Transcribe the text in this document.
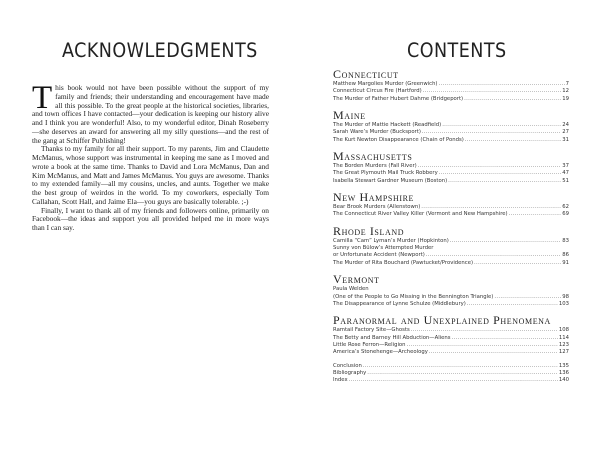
ACKNOWLEDGMENTS

This book would not have been possible without the support of my family and friends; their understanding and encouragement have made all this possible. To the great people at the historical societies, libraries, and town offices I have contacted—your dedication is keeping our history alive and I think you are wonderful! Also, to my wonderful editor, Dinah Roseberry—she deserves an award for answering all my silly questions—and the rest of the gang at Schiffer Publishing!

Thanks to my family for all their support. To my parents, Jim and Claudette McManus, whose support was instrumental in keeping me sane as I moved and wrote a book at the same time. Thanks to David and Lora McManus, Dan and Kim McManus, and Matt and James McManus. You guys are awesome. Thanks to my extended family—all my cousins, uncles, and aunts. Together we make the best group of weirdos in the world. To my coworkers, especially Tom Callahan, Scott Hall, and Jaime Ela—you guys are basically tolerable. ;-)

Finally, I want to thank all of my friends and followers online, primarily on Facebook—the ideas and support you all provided helped me in more ways than I can say.

CONTENTS
Connecticut
Matthew Margolies Murder (Greenwich) .....	7
Connecticut Circus Fire (Hartford) .....	12
The Murder of Father Hubert Dahme (Bridgeport) .....	19
Maine
The Murder of Mattie Hackett (Readfield) .....	24
Sarah Ware’s Murder (Bucksport) .....	27
The Kurt Newton Disappearance (Chain of Ponds) .....	31
Massachusetts
The Borden Murders (Fall River) .....	37
The Great Plymouth Mail Truck Robbery .....	47
Isabella Stewart Gardner Museum (Boston) .....	51
New Hampshire
Bear Brook Murders (Allenstown) .....	62
The Connecticut River Valley Killer (Vermont and New Hampshire) .....	69
Rhode Island
Camilla “Cam” Lyman’s Murder (Hopkinton) .....	83
Sunny von Bülow’s Attempted Murder
or Unfortunate Accident (Newport) .....	86
The Murder of Rita Bouchard (Pawtucket/Providence) .....	91
Vermont
Paula Welden
(One of the People to Go Missing in the Bennington Triangle) .....	98
The Disappearance of Lynne Schulze (Middlebury) .....	103
Paranormal and Unexplained Phenomena
Ramtail Factory Site—Ghosts .....	108
The Betty and Barney Hill Abduction—Aliens .....	114
Little Rose Ferron—Religion .....	123
America’s Stonehenge—Archeology .....	127
Conclusion .....	135
Bibliography .....	136
Index .....	140
